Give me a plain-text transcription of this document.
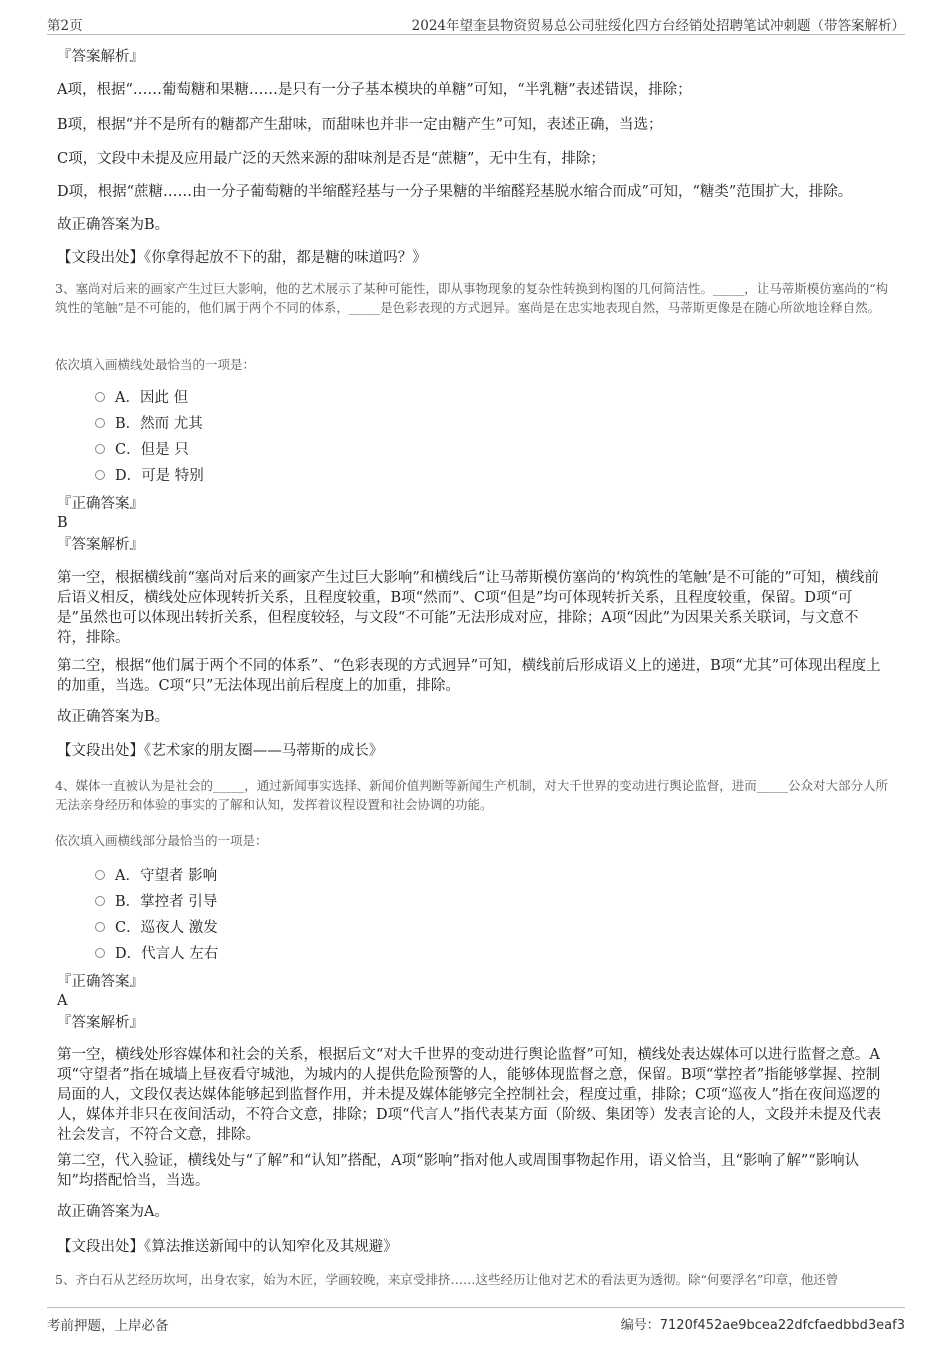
第2页	2024年望奎县物资贸易总公司驻绥化四方台经销处招聘笔试冲刺题（带答案解析）
『答案解析』
A项，根据“……葡萄糖和果糖……是只有一分子基本模块的单糖”可知，“半乳糖”表述错误，排除；
B项，根据“并不是所有的糖都产生甜味，而甜味也并非一定由糖产生”可知，表述正确，当选；
C项，文段中未提及应用最广泛的天然来源的甜味剂是否是“蔗糖”，无中生有，排除；
D项，根据“蔗糖……由一分子葡萄糖的半缩醛羟基与一分子果糖的半缩醛羟基脱水缩合而成”可知，“糖类”范围扩大，排除。
故正确答案为B。
【文段出处】《你拿得起放不下的甜，都是糖的味道吗？》
3、塞尚对后来的画家产生过巨大影响，他的艺术展示了某种可能性，即从事物现象的复杂性转换到构图的几何简洁性。_____，让马蒂斯模仿塞尚的“构筑性的笔触”是不可能的，他们属于两个不同的体系，_____是色彩表现的方式迥异。塞尚是在忠实地表现自然，马蒂斯更像是在随心所欲地诠释自然。
依次填入画横线处最恰当的一项是：
A．因此 但
B．然而 尤其
C．但是 只
D．可是 特别
『正确答案』
B
『答案解析』
第一空，根据横线前“塞尚对后来的画家产生过巨大影响”和横线后“让马蒂斯模仿塞尚的‘构筑性的笔触’是不可能的”可知，横线前后语义相反，横线处应体现转折关系，且程度较重，B项“然而”、C项“但是”均可体现转折关系，且程度较重，保留。D项“可是”虽然也可以体现出转折关系，但程度较轻，与文段“不可能”无法形成对应，排除；A项“因此”为因果关系关联词，与文意不符，排除。
第二空，根据“他们属于两个不同的体系”、“色彩表现的方式迥异”可知，横线前后形成语义上的递进，B项“尤其”可体现出程度上的加重，当选。C项“只”无法体现出前后程度上的加重，排除。
故正确答案为B。
【文段出处】《艺术家的朋友圈——马蒂斯的成长》
4、媒体一直被认为是社会的_____，通过新闻事实选择、新闻价值判断等新闻生产机制，对大千世界的变动进行舆论监督，进而_____公众对大部分人所无法亲身经历和体验的事实的了解和认知，发挥着议程设置和社会协调的功能。
依次填入画横线部分最恰当的一项是：
A．守望者 影响
B．掌控者 引导
C．巡夜人 激发
D．代言人 左右
『正确答案』
A
『答案解析』
第一空，横线处形容媒体和社会的关系，根据后文“对大千世界的变动进行舆论监督”可知，横线处表达媒体可以进行监督之意。A项“守望者”指在城墙上昼夜看守城池，为城内的人提供危险预警的人，能够体现监督之意，保留。B项“掌控者”指能够掌握、控制局面的人，文段仅表达媒体能够起到监督作用，并未提及媒体能够完全控制社会，程度过重，排除；C项“巡夜人”指在夜间巡逻的人，媒体并非只在夜间活动，不符合文意，排除；D项“代言人”指代表某方面（阶级、集团等）发表言论的人，文段并未提及代表社会发言，不符合文意，排除。
第二空，代入验证，横线处与“了解”和“认知”搭配，A项“影响”指对他人或周围事物起作用，语义恰当，且“影响了解”“影响认知”均搭配恰当，当选。
故正确答案为A。
【文段出处】《算法推送新闻中的认知窄化及其规避》
5、齐白石从艺经历坎坷，出身农家，始为木匠，学画较晚，来京受排挤……这些经历让他对艺术的看法更为透彻。除“何要浮名”印章，他还曾
考前押题，上岸必备	编号：7120f452ae9bcea22dfcfaedbbd3eaf3
